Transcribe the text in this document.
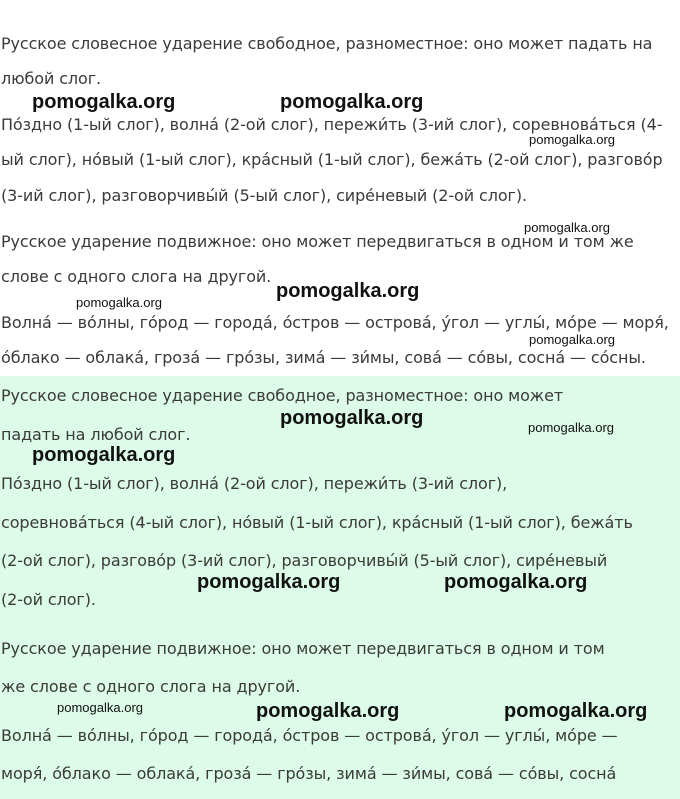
Русское словесное ударение свободное, разноместное: оно может падать на
любой слог.
По́здно (1-ый слог), волна́ (2-ой слог), пережи́ть (3-ий слог), соревнова́ться (4-
ый слог), но́вый (1-ый слог), кра́сный (1-ый слог), бежа́ть (2-ой слог), разгово́р
(3-ий слог), разговорчивы́й (5-ый слог), сире́невый (2-ой слог).
Русское ударение подвижное: оно может передвигаться в одном и том же
слове с одного слога на другой.
Волна́ — во́лны, го́род — города́, о́стров — острова́, у́гол — углы́, мо́ре — моря́,
о́блако — облака́, гроза́ — гро́зы, зима́ — зи́мы, сова́ — со́вы, сосна́ — со́сны.
Русское словесное ударение свободное, разноместное: оно может
падать на любой слог.
По́здно (1-ый слог), волна́ (2-ой слог), пережи́ть (3-ий слог),
соревнова́ться (4-ый слог), но́вый (1-ый слог), кра́сный (1-ый слог), бежа́ть
(2-ой слог), разгово́р (3-ий слог), разговорчивы́й (5-ый слог), сире́невый
(2-ой слог).
Русское ударение подвижное: оно может передвигаться в одном и том
же слове с одного слога на другой.
Волна́ — во́лны, го́род — города́, о́стров — острова́, у́гол — углы́, мо́ре —
моря́, о́блако — облака́, гроза́ — гро́зы, зима́ — зи́мы, сова́ — со́вы, сосна́
pomogalka.org	pomogalka.org
pomogalka.org
pomogalka.org
pomogalka.org
pomogalka.org
pomogalka.org
pomogalka.org	pomogalka.org
pomogalka.org
pomogalka.org	pomogalka.org
pomogalka.org	pomogalka.org	pomogalka.org
